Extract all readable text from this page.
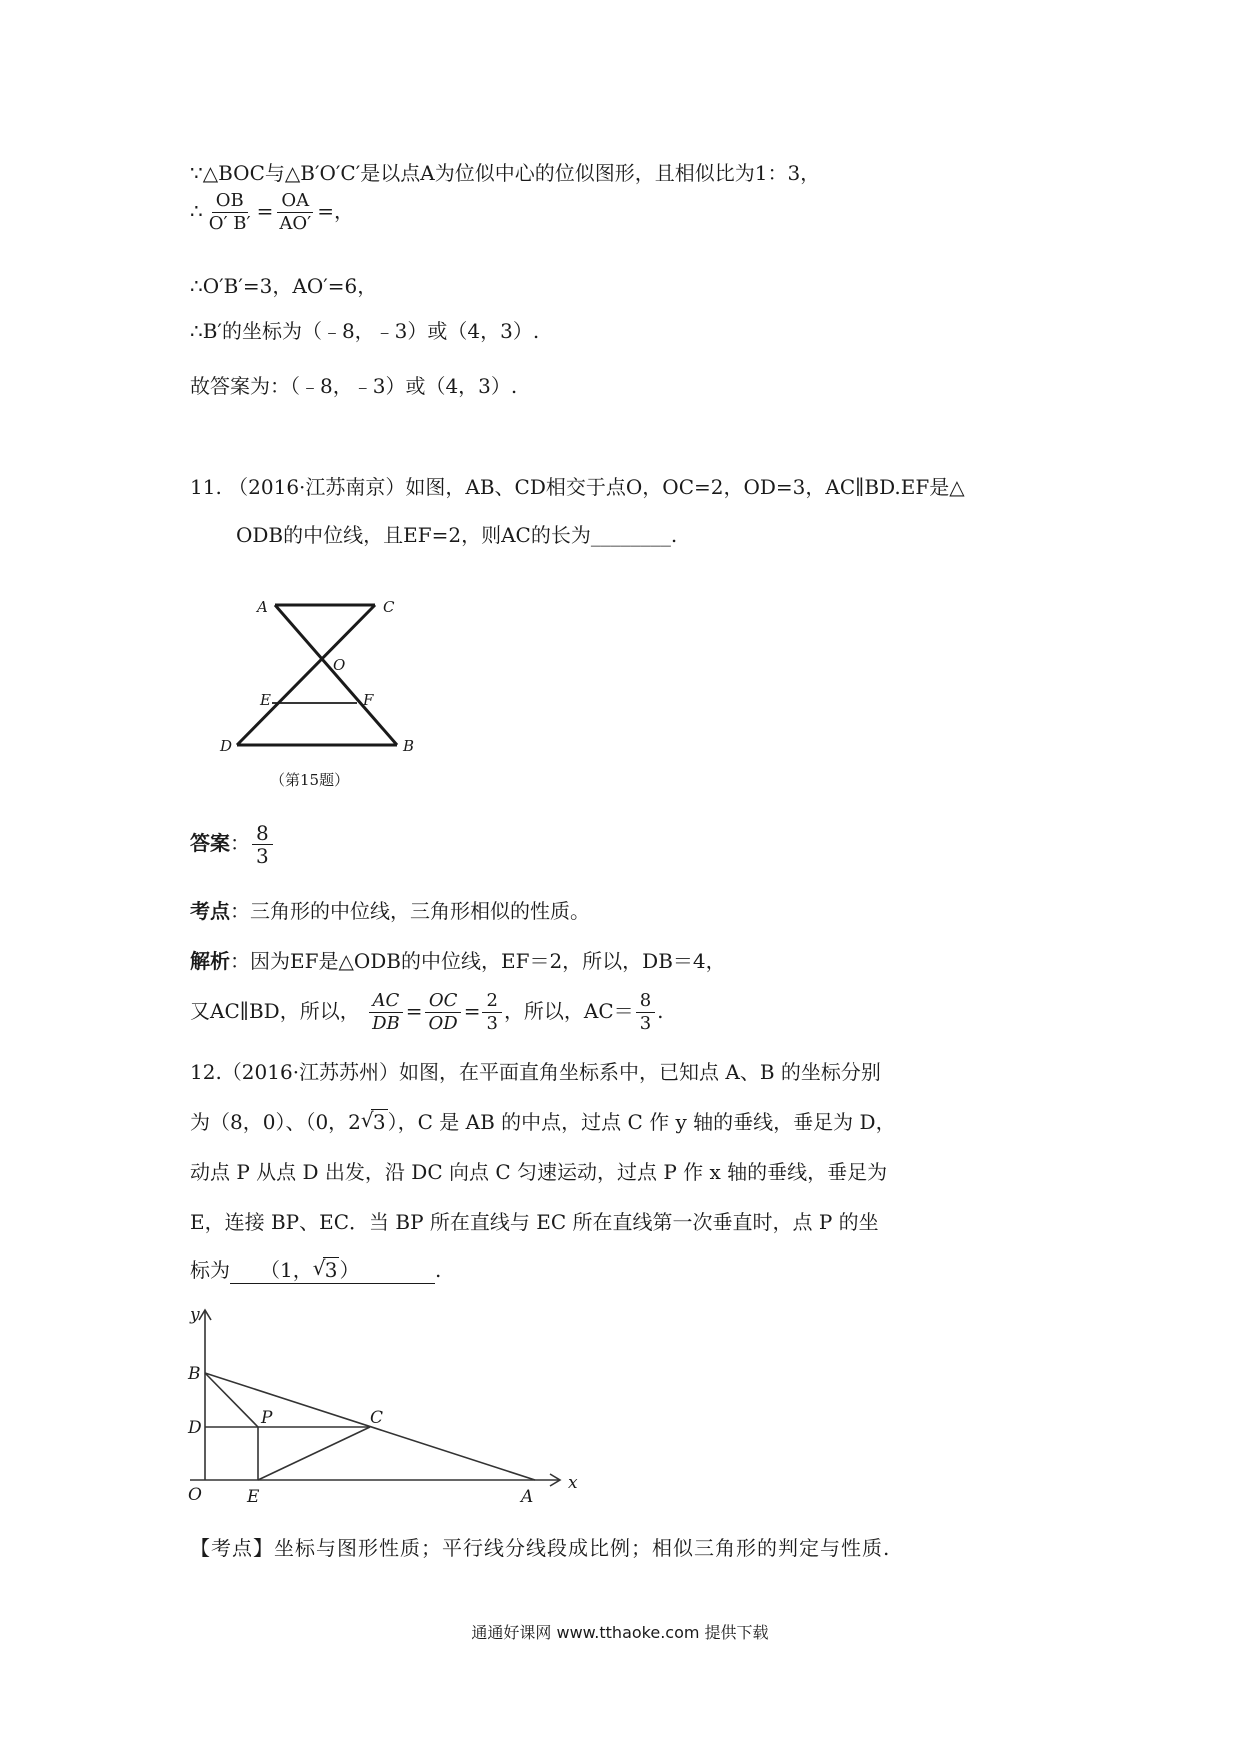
∵△BOC与△B′O′C′是以点A为位似中心的位似图形，且相似比为1：3，
∴ $\frac{OB}{O' B'} = \frac{OA}{AO'}$ =，
∴O′B′=3，AO′=6，
∴B′的坐标为（﹣8，﹣3）或（4，3）.
故答案为：（﹣8，﹣3）或（4，3）.
11. （2016·江苏南京）如图，AB、CD相交于点O，OC=2，OD=3，AC∥BD.EF是△
ODB的中位线，且EF=2，则AC的长为________.
A	C
O
E	F
D	B
（第15题）
答案： $\frac{8}{3}$
考点：三角形的中位线，三角形相似的性质。
解析：因为EF是△ODB的中位线，EF＝2，所以，DB＝4，
又AC∥BD，所以， $\frac{AC}{DB} = \frac{OC}{OD} = \frac{2}{3}$ ，所以，$AC= \frac{8}{3}$ .
12.（2016·江苏苏州）如图，在平面直角坐标系中，已知点 A、B 的坐标分别
为（8，0）、（0，2 √ 3 ），C 是 AB 的中点，过点 C 作 y 轴的垂线，垂足为 D，
动点 P 从点 D 出发，沿 DC 向点 C 匀速运动，过点 P 作 x 轴的垂线，垂足为
E，连接 BP、EC．当 BP 所在直线与 EC 所在直线第一次垂直时，点 P 的坐
标为 （1， √ 3 ）	.
y
x
B
D	P	C
O	E	A
【考点】坐标与图形性质；平行线分线段成比例；相似三角形的判定与性质.
通通好课网 www.tthaoke.com 提供下载
